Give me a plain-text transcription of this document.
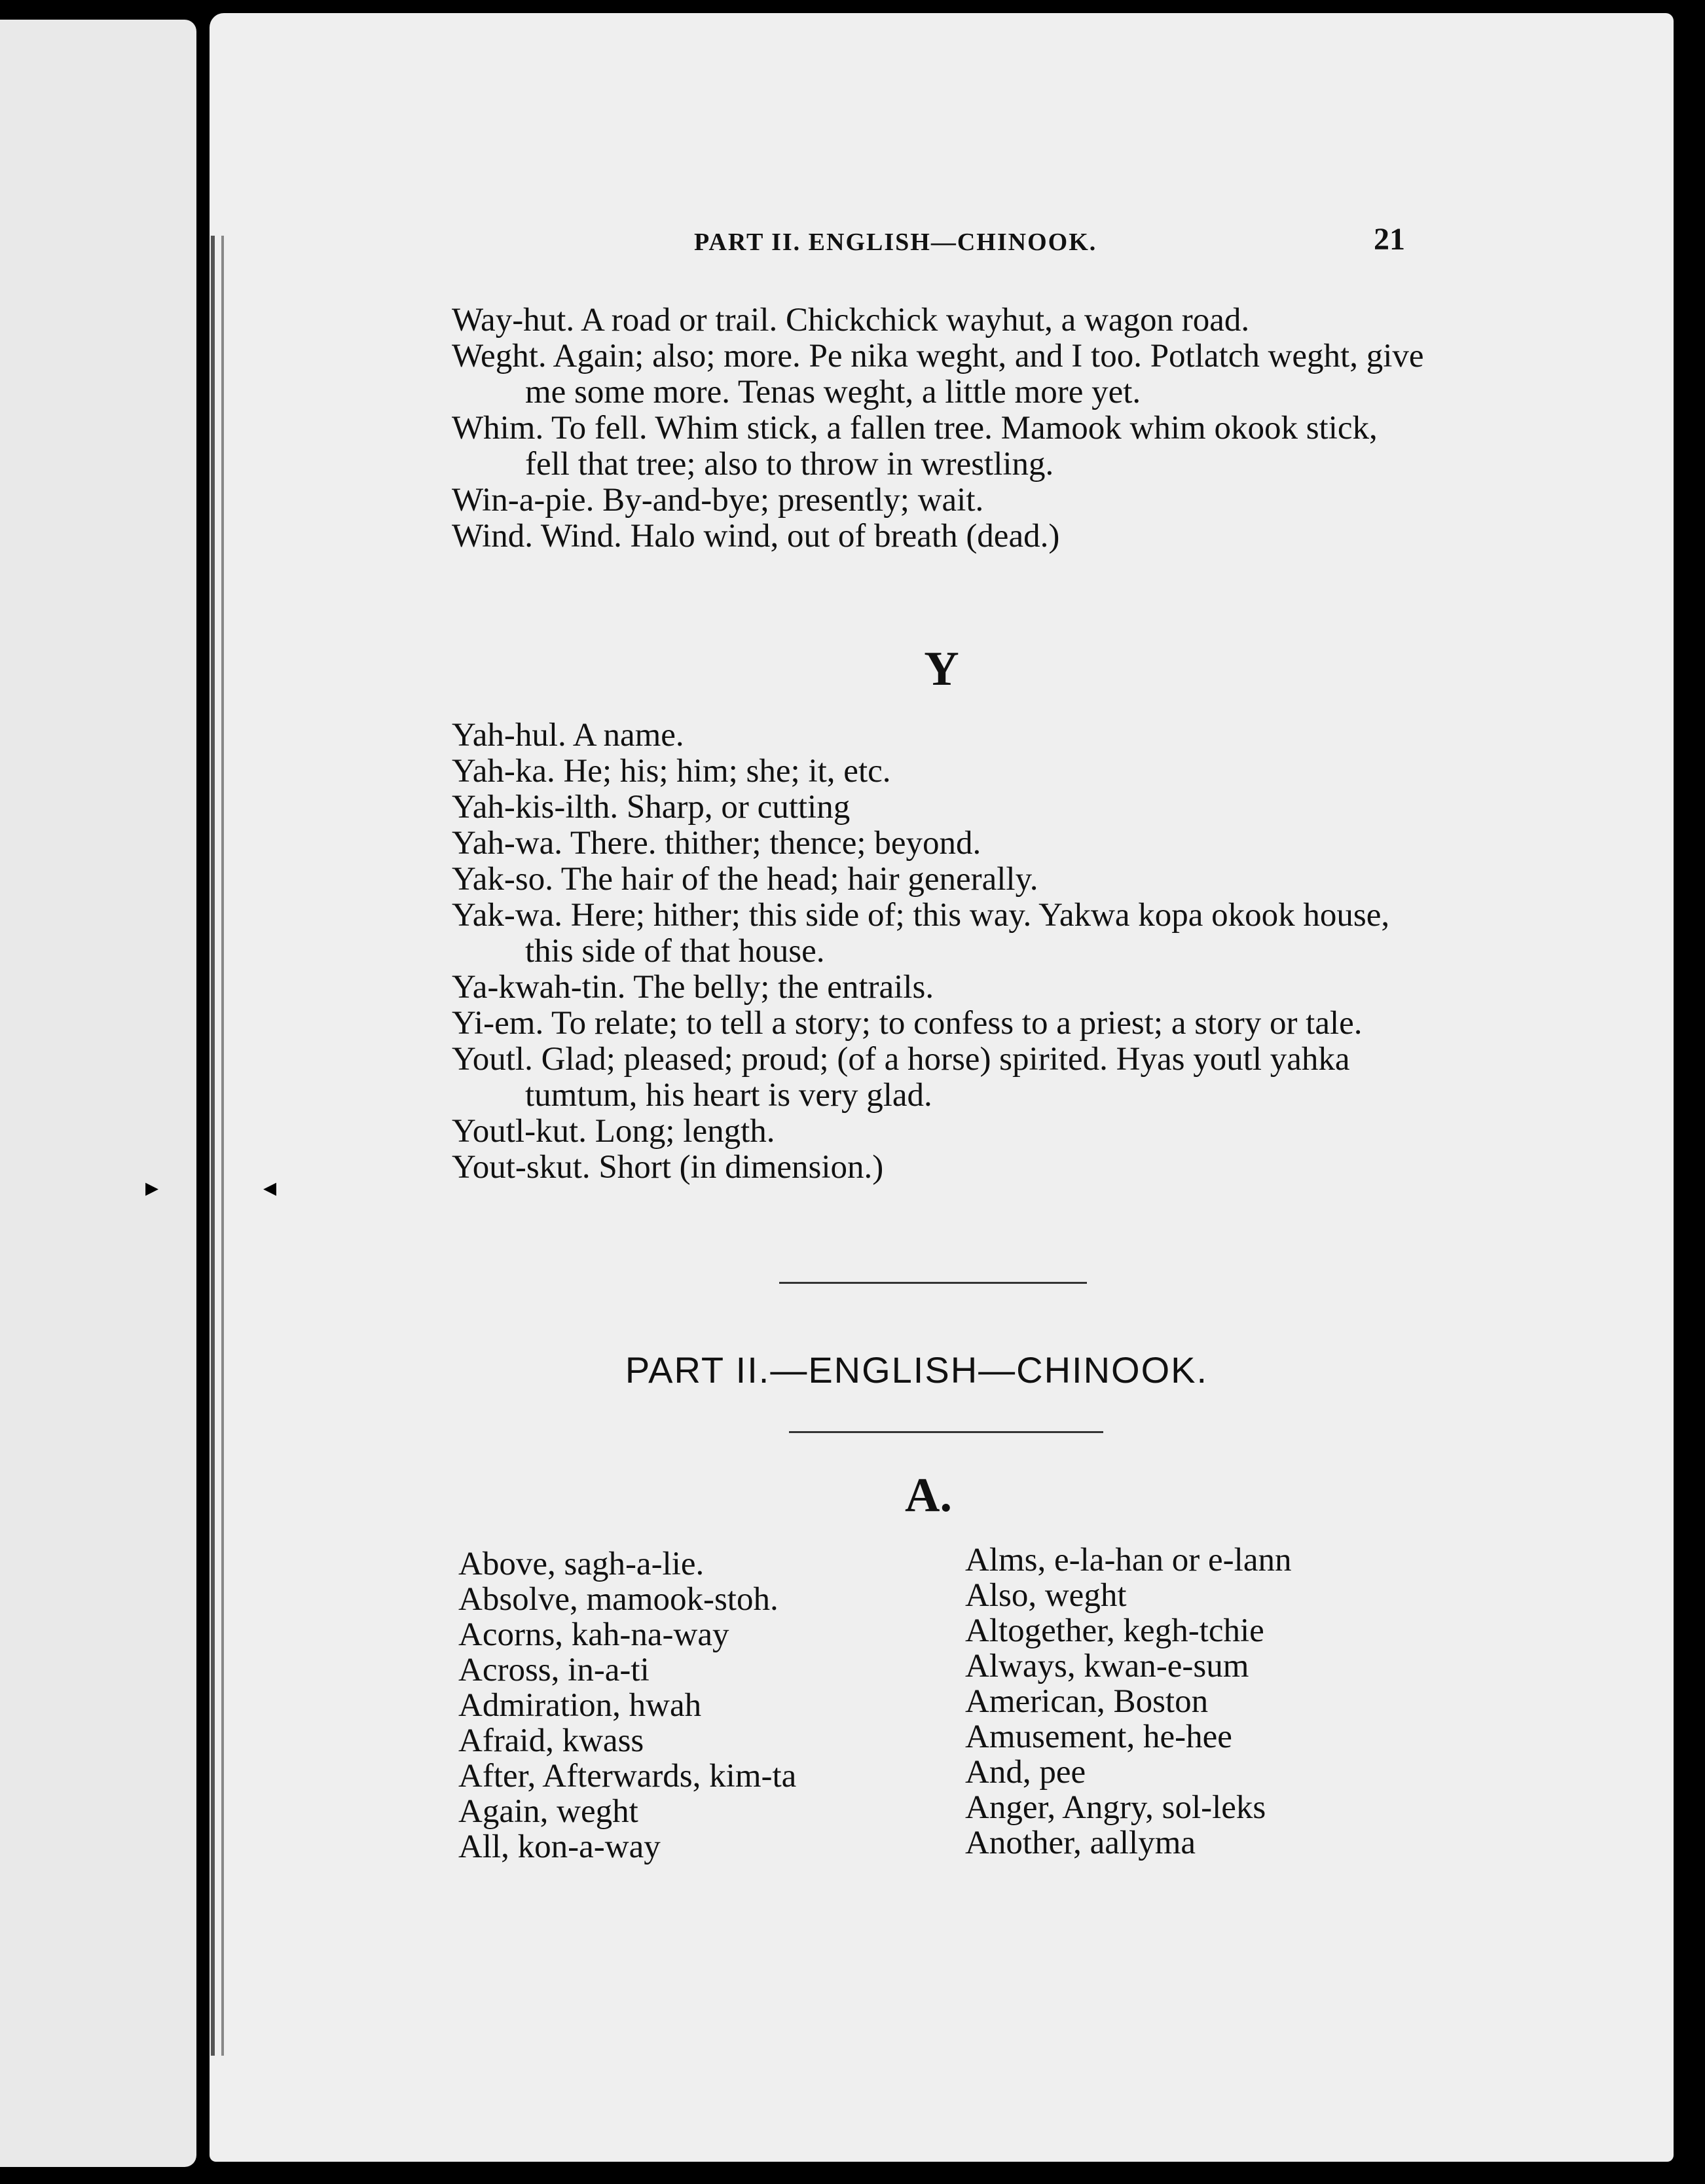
▸	◂
PART II. ENGLISH—CHINOOK.	21

Way-hut. A road or trail. Chickchick wayhut, a wagon road.

Weght. Again; also; more. Pe nika weght, and I too. Potlatch weght, give me some more. Tenas weght, a little more yet.

Whim. To fell. Whim stick, a fallen tree. Mamook whim okook stick, fell that tree; also to throw in wrestling.

Win-a-pie. By-and-bye; presently; wait.

Wind. Wind. Halo wind, out of breath (dead.)

Y

Yah-hul. A name.

Yah-ka. He; his; him; she; it, etc.

Yah-kis-ilth. Sharp, or cutting

Yah-wa. There. thither; thence; beyond.

Yak-so. The hair of the head; hair generally.

Yak-wa. Here; hither; this side of; this way. Yakwa kopa okook house, this side of that house.

Ya-kwah-tin. The belly; the entrails.

Yi-em. To relate; to tell a story; to confess to a priest; a story or tale.

Youtl. Glad; pleased; proud; (of a horse) spirited. Hyas youtl yahka tumtum, his heart is very glad.

Youtl-kut. Long; length.

Yout-skut. Short (in dimension.)

PART II.—ENGLISH—CHINOOK.
A.
Above, sagh-a-lie.
Absolve, mamook-stoh.
Acorns, kah-na-way
Across, in-a-ti
Admiration, hwah
Afraid, kwass
After, Afterwards, kim-ta
Again, weght
All, kon-a-way
Alms, e-la-han or e-lann
Also, weght
Altogether, kegh-tchie
Always, kwan-e-sum
American, Boston
Amusement, he-hee
And, pee
Anger, Angry, sol-leks
Another, aallyma
